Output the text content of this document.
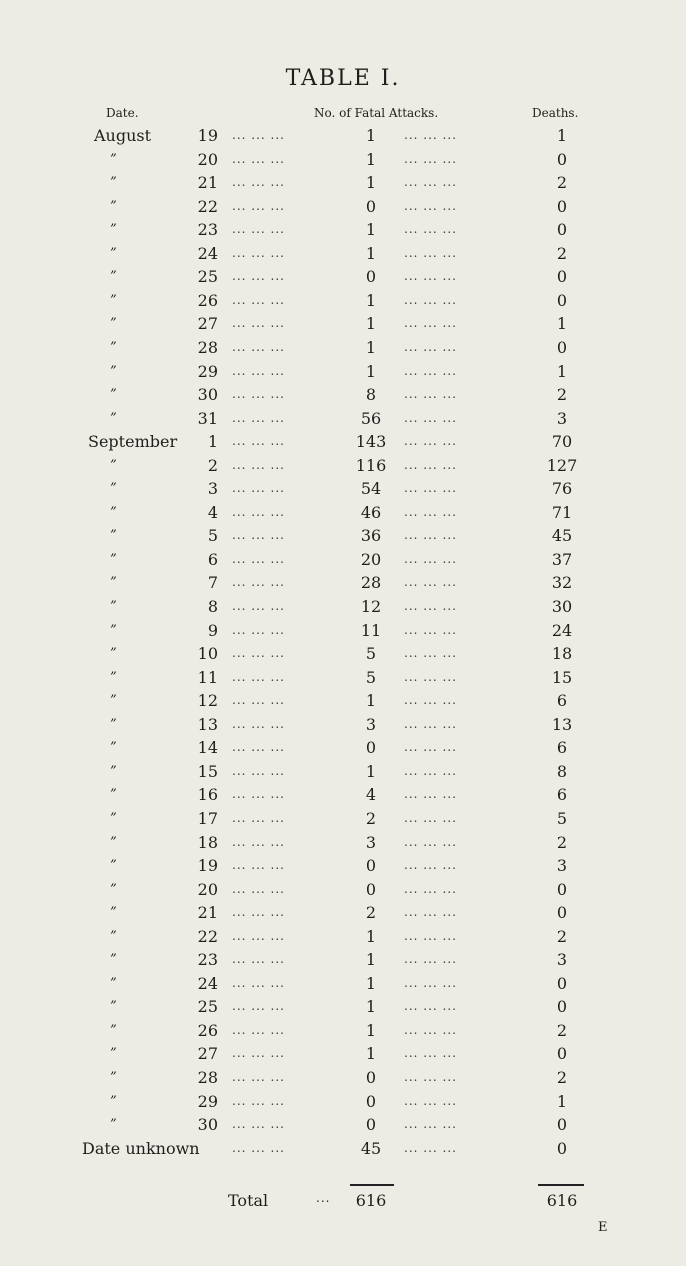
TABLE I.
Date.	No. of Fatal Attacks.	Deaths.
August	19 ... ... ...	1	... ... ...	1
”	20 ... ... ...	1	... ... ...	0
”	21 ... ... ...	1	... ... ...	2
”	22 ... ... ...	0	... ... ...	0
”	23 ... ... ...	1	... ... ...	0
”	24 ... ... ...	1	... ... ...	2
”	25 ... ... ...	0	... ... ...	0
”	26 ... ... ...	1	... ... ...	0
”	27 ... ... ...	1	... ... ...	1
”	28 ... ... ...	1	... ... ...	0
”	29 ... ... ...	1	... ... ...	1
”	30 ... ... ...	8	... ... ...	2
”	31 ... ... ...	56	... ... ...	3
September	1 ... ... ...	143	... ... ...	70
”	2 ... ... ...	116	... ... ...	127
”	3 ... ... ...	54	... ... ...	76
”	4 ... ... ...	46	... ... ...	71
”	5 ... ... ...	36	... ... ...	45
”	6 ... ... ...	20	... ... ...	37
”	7 ... ... ...	28	... ... ...	32
”	8 ... ... ...	12	... ... ...	30
”	9 ... ... ...	11	... ... ...	24
”	10 ... ... ...	5	... ... ...	18
”	11 ... ... ...	5	... ... ...	15
”	12 ... ... ...	1	... ... ...	6
”	13 ... ... ...	3	... ... ...	13
”	14 ... ... ...	0	... ... ...	6
”	15 ... ... ...	1	... ... ...	8
”	16 ... ... ...	4	... ... ...	6
”	17 ... ... ...	2	... ... ...	5
”	18 ... ... ...	3	... ... ...	2
”	19 ... ... ...	0	... ... ...	3
”	20 ... ... ...	0	... ... ...	0
”	21 ... ... ...	2	... ... ...	0
”	22 ... ... ...	1	... ... ...	2
”	23 ... ... ...	1	... ... ...	3
”	24 ... ... ...	1	... ... ...	0
”	25 ... ... ...	1	... ... ...	0
”	26 ... ... ...	1	... ... ...	2
”	27 ... ... ...	1	... ... ...	0
”	28 ... ... ...	0	... ... ...	2
”	29 ... ... ...	0	... ... ...	1
”	30 ... ... ...	0	... ... ...	0
Date unknown	... ... ...	45	... ... ...	0
Total	...	616	616
E
